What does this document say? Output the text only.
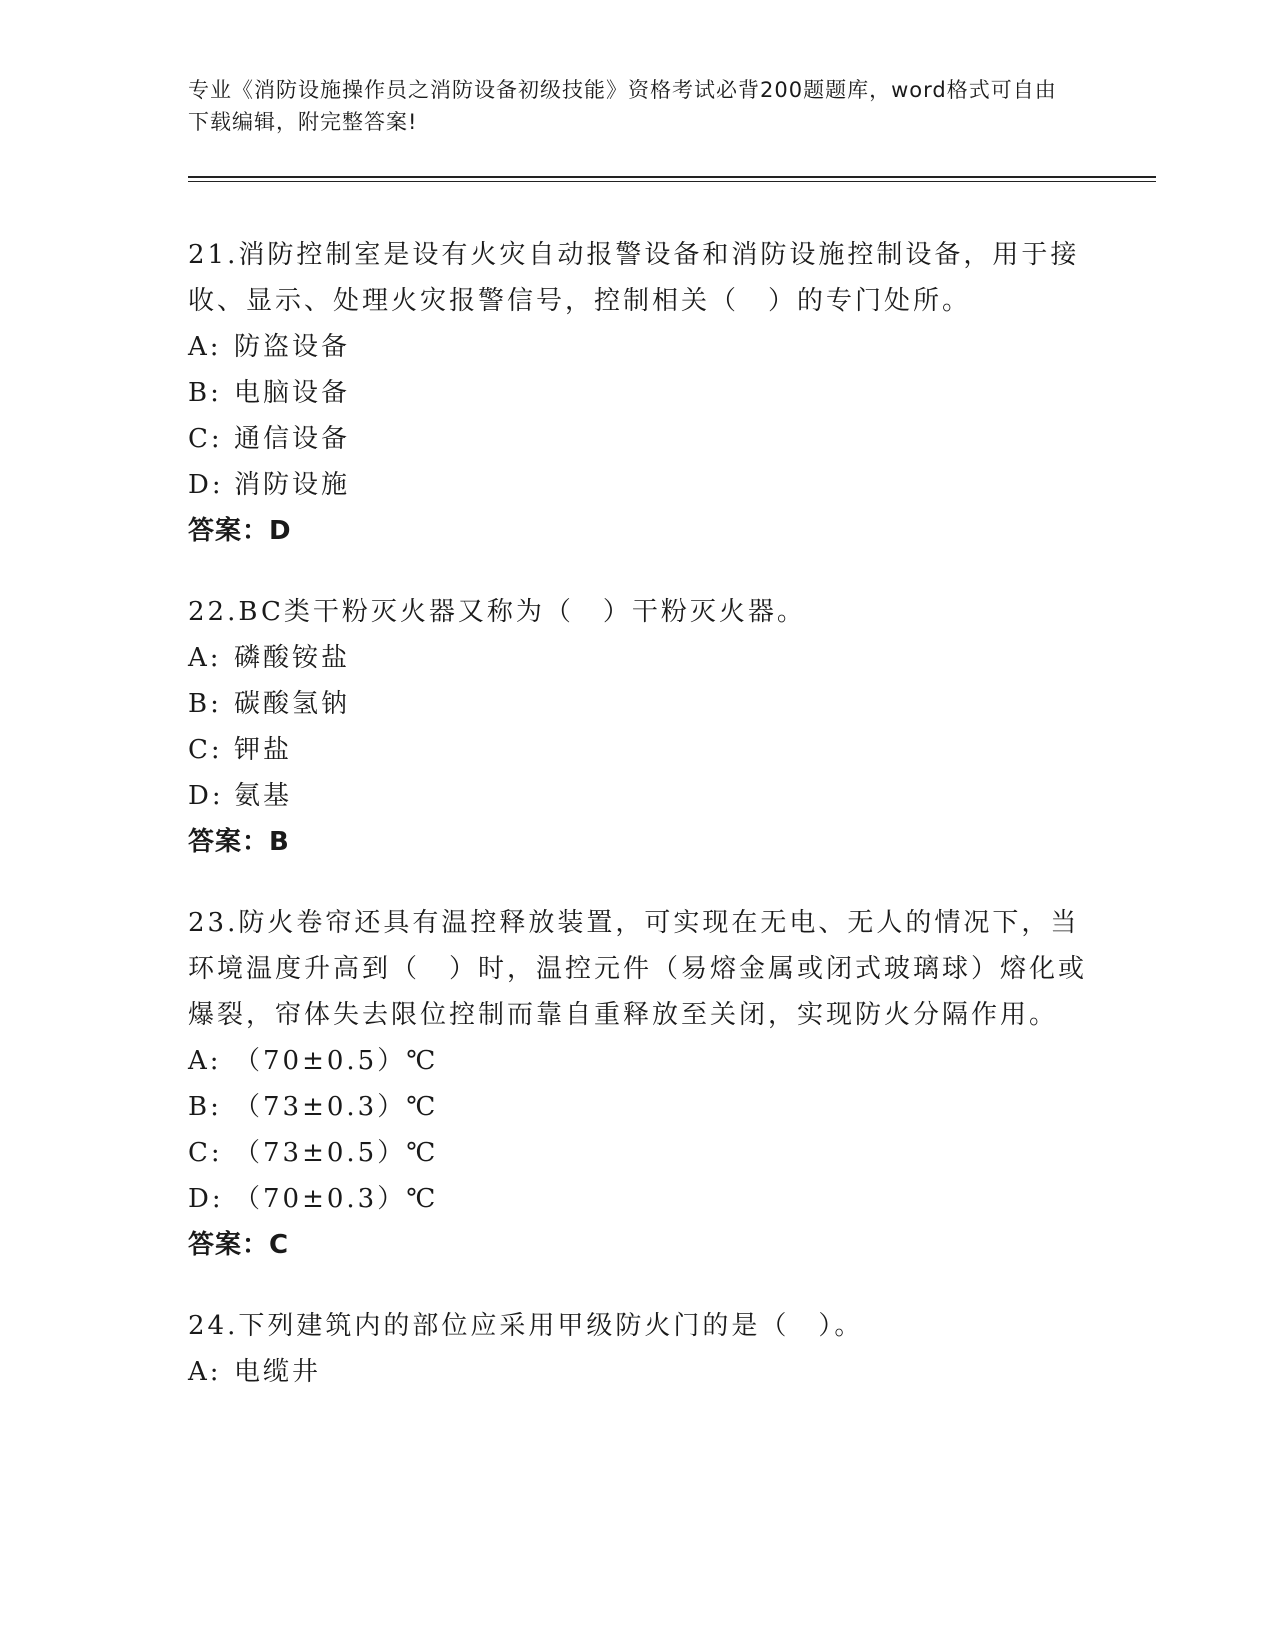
专业《消防设施操作员之消防设备初级技能》资格考试必背200题题库，word格式可自由下载编辑，附完整答案!
21.消防控制室是设有火灾自动报警设备和消防设施控制设备，用于接收、显示、处理火灾报警信号，控制相关（　）的专门处所。
A: 防盗设备
B: 电脑设备
C: 通信设备
D: 消防设施
答案：D
22.BC类干粉灭火器又称为（　）干粉灭火器。
A: 磷酸铵盐
B: 碳酸氢钠
C: 钾盐
D: 氨基
答案：B
23.防火卷帘还具有温控释放装置，可实现在无电、无人的情况下，当环境温度升高到（　）时，温控元件（易熔金属或闭式玻璃球）熔化或爆裂，帘体失去限位控制而靠自重释放至关闭，实现防火分隔作用。
A: （70±0.5）℃
B: （73±0.3）℃
C: （73±0.5）℃
D: （70±0.3）℃
答案：C
24.下列建筑内的部位应采用甲级防火门的是（　）。
A: 电缆井
